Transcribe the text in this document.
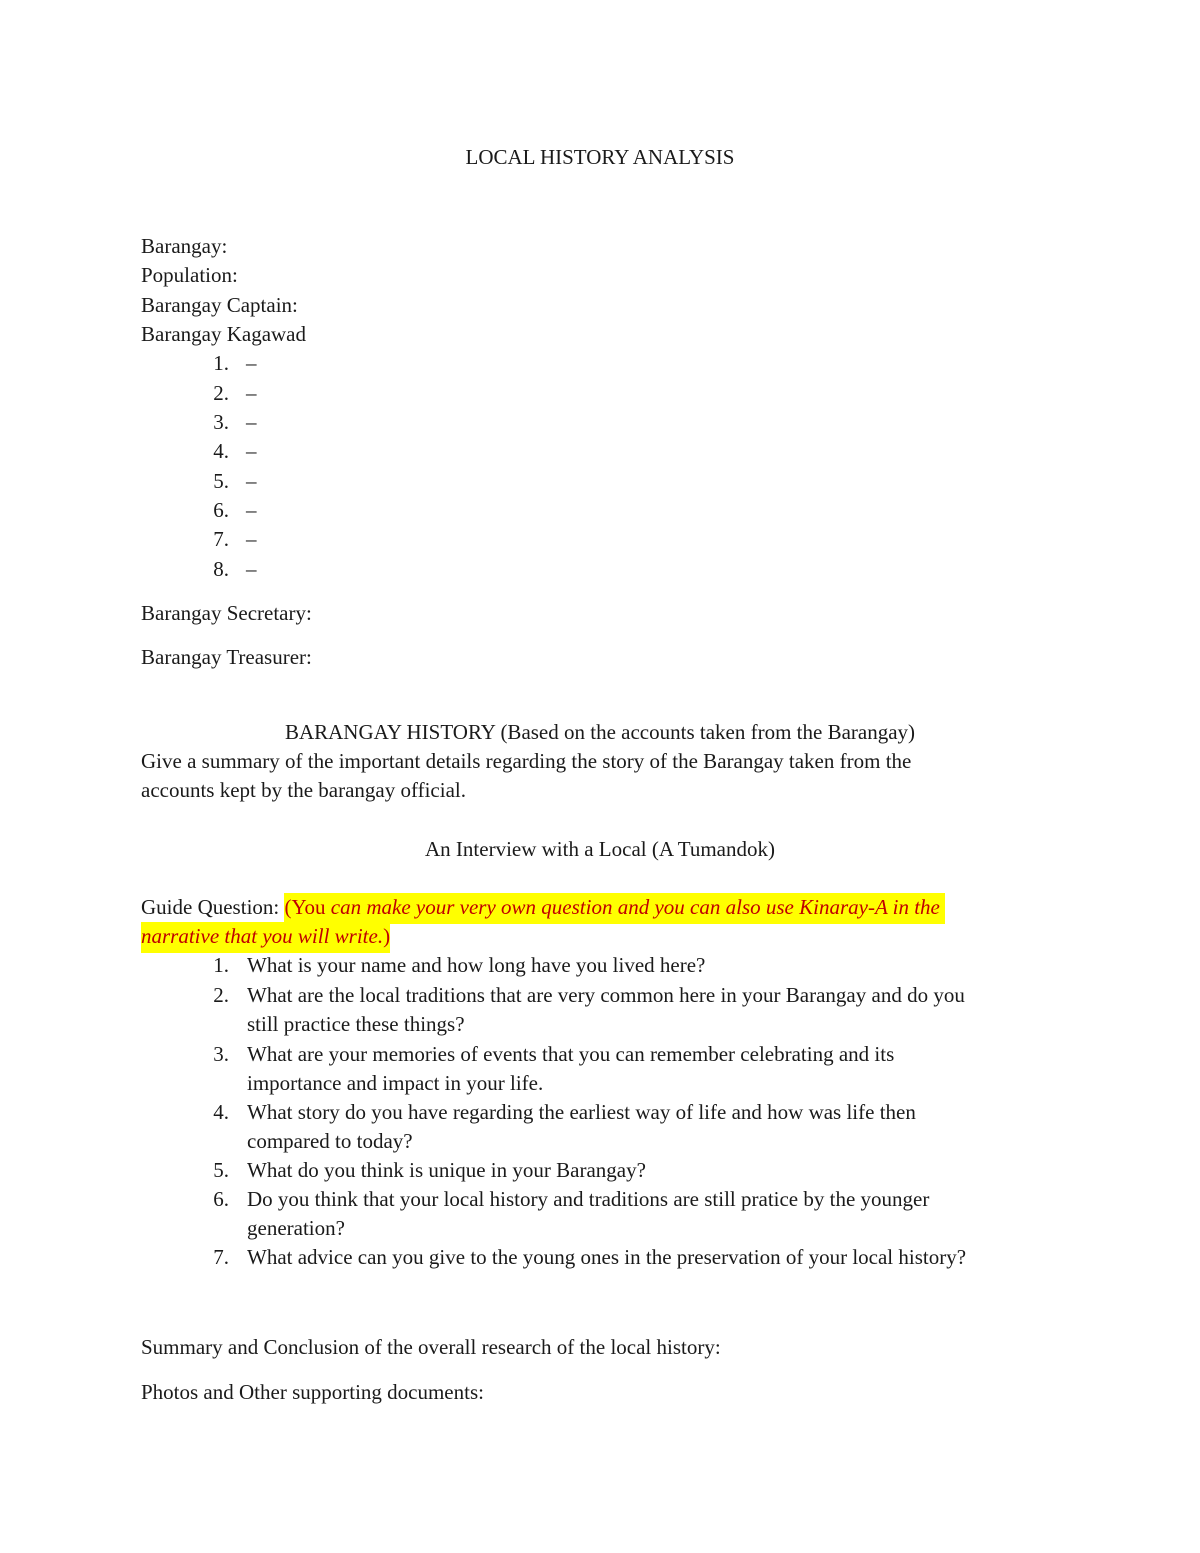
LOCAL HISTORY ANALYSIS
Barangay:
Population:
Barangay Captain:
Barangay Kagawad
1. –
2. –
3. –
4. –
5. –
6. –
7. –
8. –
Barangay Secretary:
Barangay Treasurer:
BARANGAY HISTORY (Based on the accounts taken from the Barangay)
Give a summary of the important details regarding the story of the Barangay taken from the
accounts kept by the barangay official.
An Interview with a Local (A Tumandok)
Guide Question: (You can make your very own question and you can also use Kinaray-A in the
narrative that you will write.)
1. What is your name and how long have you lived here?
2. What are the local traditions that are very common here in your Barangay and do you
still practice these things?
3. What are your memories of events that you can remember celebrating and its
importance and impact in your life.
4. What story do you have regarding the earliest way of life and how was life then
compared to today?
5. What do you think is unique in your Barangay?
6. Do you think that your local history and traditions are still pratice by the younger
generation?
7. What advice can you give to the young ones in the preservation of your local history?
Summary and Conclusion of the overall research of the local history:
Photos and Other supporting documents:
